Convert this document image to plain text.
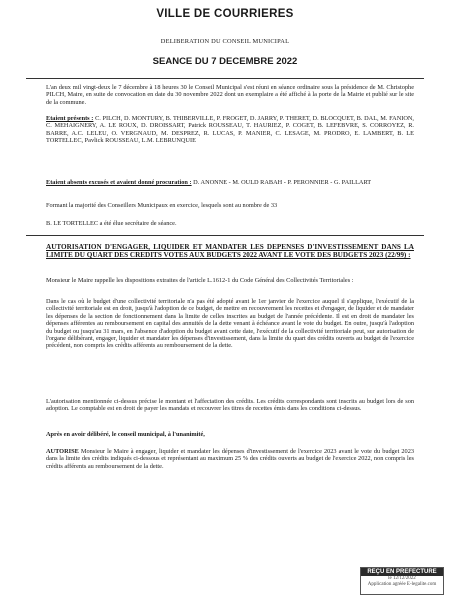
VILLE DE COURRIERES
DELIBERATION DU CONSEIL MUNICIPAL
SEANCE DU 7 DECEMBRE 2022
L'an deux mil vingt-deux le 7 décembre à 18 heures 30 le Conseil Municipal s'est réuni en séance ordinaire sous la présidence de M. Christophe PILCH, Maire, en suite de convocation en date du 30 novembre 2022 dont un exemplaire a été affiché à la porte de la Mairie et publié sur le site de la commune.
Etaient présents : C. PILCH, D. MONTURY, B. THIBERVILLE, P. FROGET, D. JARRY, P. THERET, D. BLOCQUET, B. DAL, M. FANION, C. MEHAIGNERY, A. LE ROUX, D. DROISSART, Patrick ROUSSEAU, T. HAURIEZ, P. COGET, B. LEFEBVRE, S. CORROYEZ, R. BARRE, A.C. LELEU, O. VERGNAUD, M. DESPREZ, R. LUCAS, P. MANIER, C. LESAGE, M. PRODRO, E. LAMBERT, B. LE TORTELLEC, Pavlick ROUSSEAU, L.M. LEBRUNQUIE
Etaient absents excusés et avaient donné procuration : D. ANONNE - M. OULD RABAH - P. PERONNIER - G. PAILLART
Formant la majorité des Conseillers Municipaux en exercice, lesquels sont au nombre de 33
B. LE TORTELLEC a été élue secrétaire de séance.
AUTORISATION D'ENGAGER, LIQUIDER ET MANDATER LES DEPENSES D'INVESTISSEMENT DANS LA LIMITE DU QUART DES CREDITS VOTES AUX BUDGETS 2022 AVANT LE VOTE DES BUDGETS 2023 (22/99) :
Monsieur le Maire rappelle les dispositions extraites de l'article L.1612-1 du Code Général des Collectivités Territoriales :
Dans le cas où le budget d'une collectivité territoriale n'a pas été adopté avant le 1er janvier de l'exercice auquel il s'applique, l'exécutif de la collectivité territoriale est en droit, jusqu'à l'adoption de ce budget, de mettre en recouvrement les recettes et d'engager, de liquider et de mandater les dépenses de la section de fonctionnement dans la limite de celles inscrites au budget de l'année précédente. Il est en droit de mandater les dépenses afférentes au remboursement en capital des annuités de la dette venant à échéance avant le vote du budget. En outre, jusqu'à l'adoption du budget ou jusqu'au 31 mars, en l'absence d'adoption du budget avant cette date, l'exécutif de la collectivité territoriale peut, sur autorisation de l'organe délibérant, engager, liquider et mandater les dépenses d'investissement, dans la limite du quart des crédits ouverts au budget de l'exercice précédent, non compris les crédits afférents au remboursement de la dette.
L'autorisation mentionnée ci-dessus précise le montant et l'affectation des crédits. Les crédits correspondants sont inscrits au budget lors de son adoption. Le comptable est en droit de payer les mandats et recouvrer les titres de recettes émis dans les conditions ci-dessus.
Après en avoir délibéré, le conseil municipal, à l'unanimité,
AUTORISE Monsieur le Maire à engager, liquider et mandater les dépenses d'investissement de l'exercice 2023 avant le vote du budget 2023 dans la limite des crédits indiqués ci-dessous et représentant au maximum 25 % des crédits ouverts au budget de l'exercice 2022, non compris les crédits afférents au remboursement de la dette.
REÇU EN PREFECTURE
le 12/12/2022
Application agréée E-legalite.com
